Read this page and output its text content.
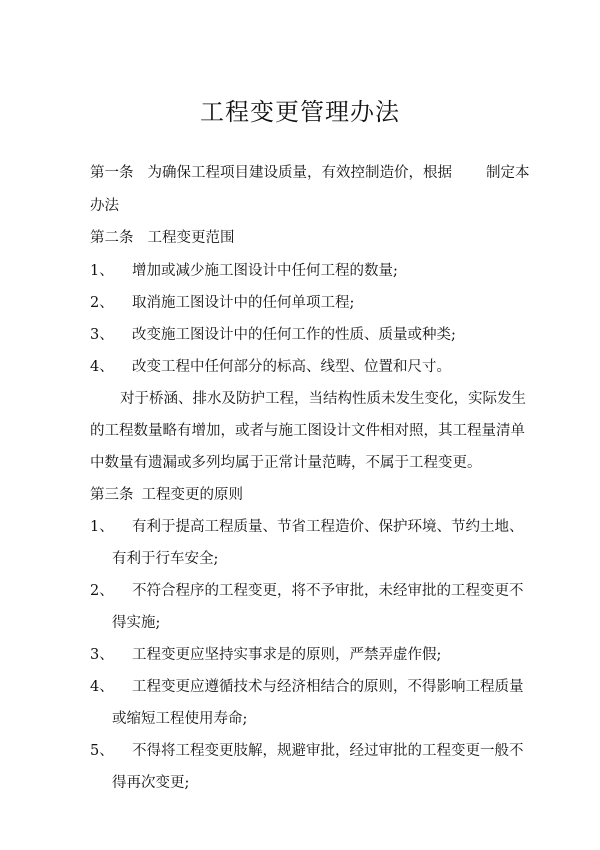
工程变更管理办法
第一条 为确保工程项目建设质量，有效控制造价，根据 制定本
办法
第二条 工程变更范围
1、 增加或减少施工图设计中任何工程的数量;
2、 取消施工图设计中的任何单项工程;
3、 改变施工图设计中的任何工作的性质、质量或种类;
4、 改变工程中任何部分的标高、线型、位置和尺寸。
对于桥涵、排水及防护工程，当结构性质未发生变化，实际发生
的工程数量略有增加，或者与施工图设计文件相对照，其工程量清单
中数量有遗漏或多列均属于正常计量范畴，不属于工程变更。
第三条 工程变更的原则
1、 有利于提高工程质量、节省工程造价、保护环境、节约土地、
有利于行车安全;
2、 不符合程序的工程变更，将不予审批，未经审批的工程变更不
得实施;
3、 工程变更应坚持实事求是的原则，严禁弄虚作假;
4、 工程变更应遵循技术与经济相结合的原则，不得影响工程质量
或缩短工程使用寿命;
5、 不得将工程变更肢解，规避审批，经过审批的工程变更一般不
得再次变更;
